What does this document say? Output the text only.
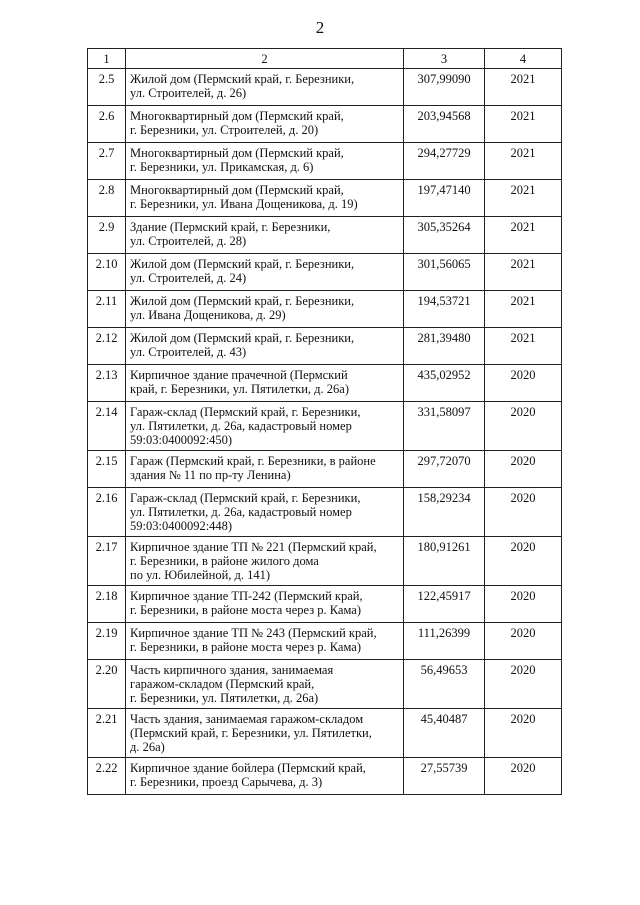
2
1	2	3	4
2.5	Жилой дом (Пермский край, г. Березники,
ул. Строителей, д. 26)	307,99090	2021
2.6	Многоквартирный дом (Пермский край,
г. Березники, ул. Строителей, д. 20)	203,94568	2021
2.7	Многоквартирный дом (Пермский край,
г. Березники, ул. Прикамская, д. 6)	294,27729	2021
2.8	Многоквартирный дом (Пермский край,
г. Березники, ул. Ивана Дощеникова, д. 19)	197,47140	2021
2.9	Здание (Пермский край, г. Березники,
ул. Строителей, д. 28)	305,35264	2021
2.10	Жилой дом (Пермский край, г. Березники,
ул. Строителей, д. 24)	301,56065	2021
2.11	Жилой дом (Пермский край, г. Березники,
ул. Ивана Дощеникова, д. 29)	194,53721	2021
2.12	Жилой дом (Пермский край, г. Березники,
ул. Строителей, д. 43)	281,39480	2021
2.13	Кирпичное здание прачечной (Пермский
край, г. Березники, ул. Пятилетки, д. 26а)	435,02952	2020
2.14	Гараж-склад (Пермский край, г. Березники,
ул. Пятилетки, д. 26а, кадастровый номер
59:03:0400092:450)	331,58097	2020
2.15	Гараж (Пермский край, г. Березники, в районе
здания № 11 по пр-ту Ленина)	297,72070	2020
2.16	Гараж-склад (Пермский край, г. Березники,
ул. Пятилетки, д. 26а, кадастровый номер
59:03:0400092:448)	158,29234	2020
2.17	Кирпичное здание ТП № 221 (Пермский край,
г. Березники, в районе жилого дома
по ул. Юбилейной, д. 141)	180,91261	2020
2.18	Кирпичное здание ТП-242 (Пермский край,
г. Березники, в районе моста через р. Кама)	122,45917	2020
2.19	Кирпичное здание ТП № 243 (Пермский край,
г. Березники, в районе моста через р. Кама)	111,26399	2020
2.20	Часть кирпичного здания, занимаемая
гаражом-складом (Пермский край,
г. Березники, ул. Пятилетки, д. 26а)	56,49653	2020
2.21	Часть здания, занимаемая гаражом-складом
(Пермский край, г. Березники, ул. Пятилетки,
д. 26а)	45,40487	2020
2.22	Кирпичное здание бойлера (Пермский край,
г. Березники, проезд Сарычева, д. 3)	27,55739	2020
